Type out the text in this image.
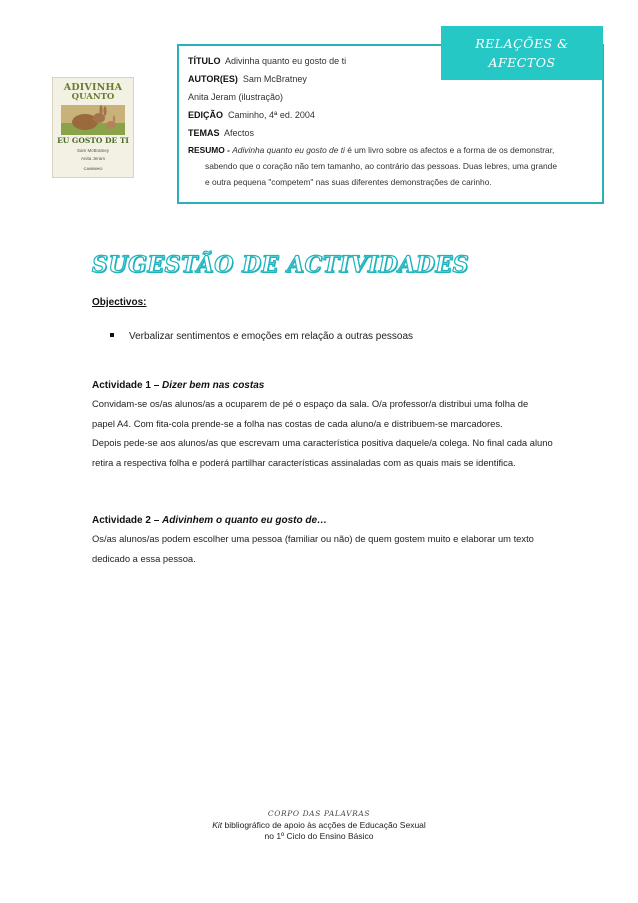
ADIVINHA
QUANTO
EU GOSTO DE TI
Sam McBratney
Anita Jeram
CAMINHO
RELAÇÕES &
AFECTOS
TÍTULO Adivinha quanto eu gosto de ti
AUTOR(ES) Sam McBratney
Anita Jeram (ilustração)
EDIÇÃO Caminho, 4ª ed. 2004
TEMAS Afectos
RESUMO - Adivinha quanto eu gosto de ti é um livro sobre os afectos e a forma de os demonstrar,
sabendo que o coração não tem tamanho, ao contrário das pessoas. Duas lebres, uma grande
e outra pequena "competem" nas suas diferentes demonstrações de carinho.
SUGESTÃO DE ACTIVIDADES
Objectivos:
Verbalizar sentimentos e emoções em relação a outras pessoas
Actividade 1 – Dizer bem nas costas

Convidam-se os/as alunos/as a ocuparem de pé o espaço da sala. O/a professor/a distribui uma folha de

papel A4. Com fita-cola prende-se a folha nas costas de cada aluno/a e distribuem-se marcadores.

Depois pede-se aos alunos/as que escrevam uma característica positiva daquele/a colega. No final cada aluno

retira a respectiva folha e poderá partilhar características assinaladas com as quais mais se identifica.

Actividade 2 – Adivinhem o quanto eu gosto de…

Os/as alunos/as podem escolher uma pessoa (familiar ou não) de quem gostem muito e elaborar um texto

dedicado a essa pessoa.

CORPO DAS PALAVRAS
Kit bibliográfico de apoio às acções de Educação Sexual
no 1º Ciclo do Ensino Básico
